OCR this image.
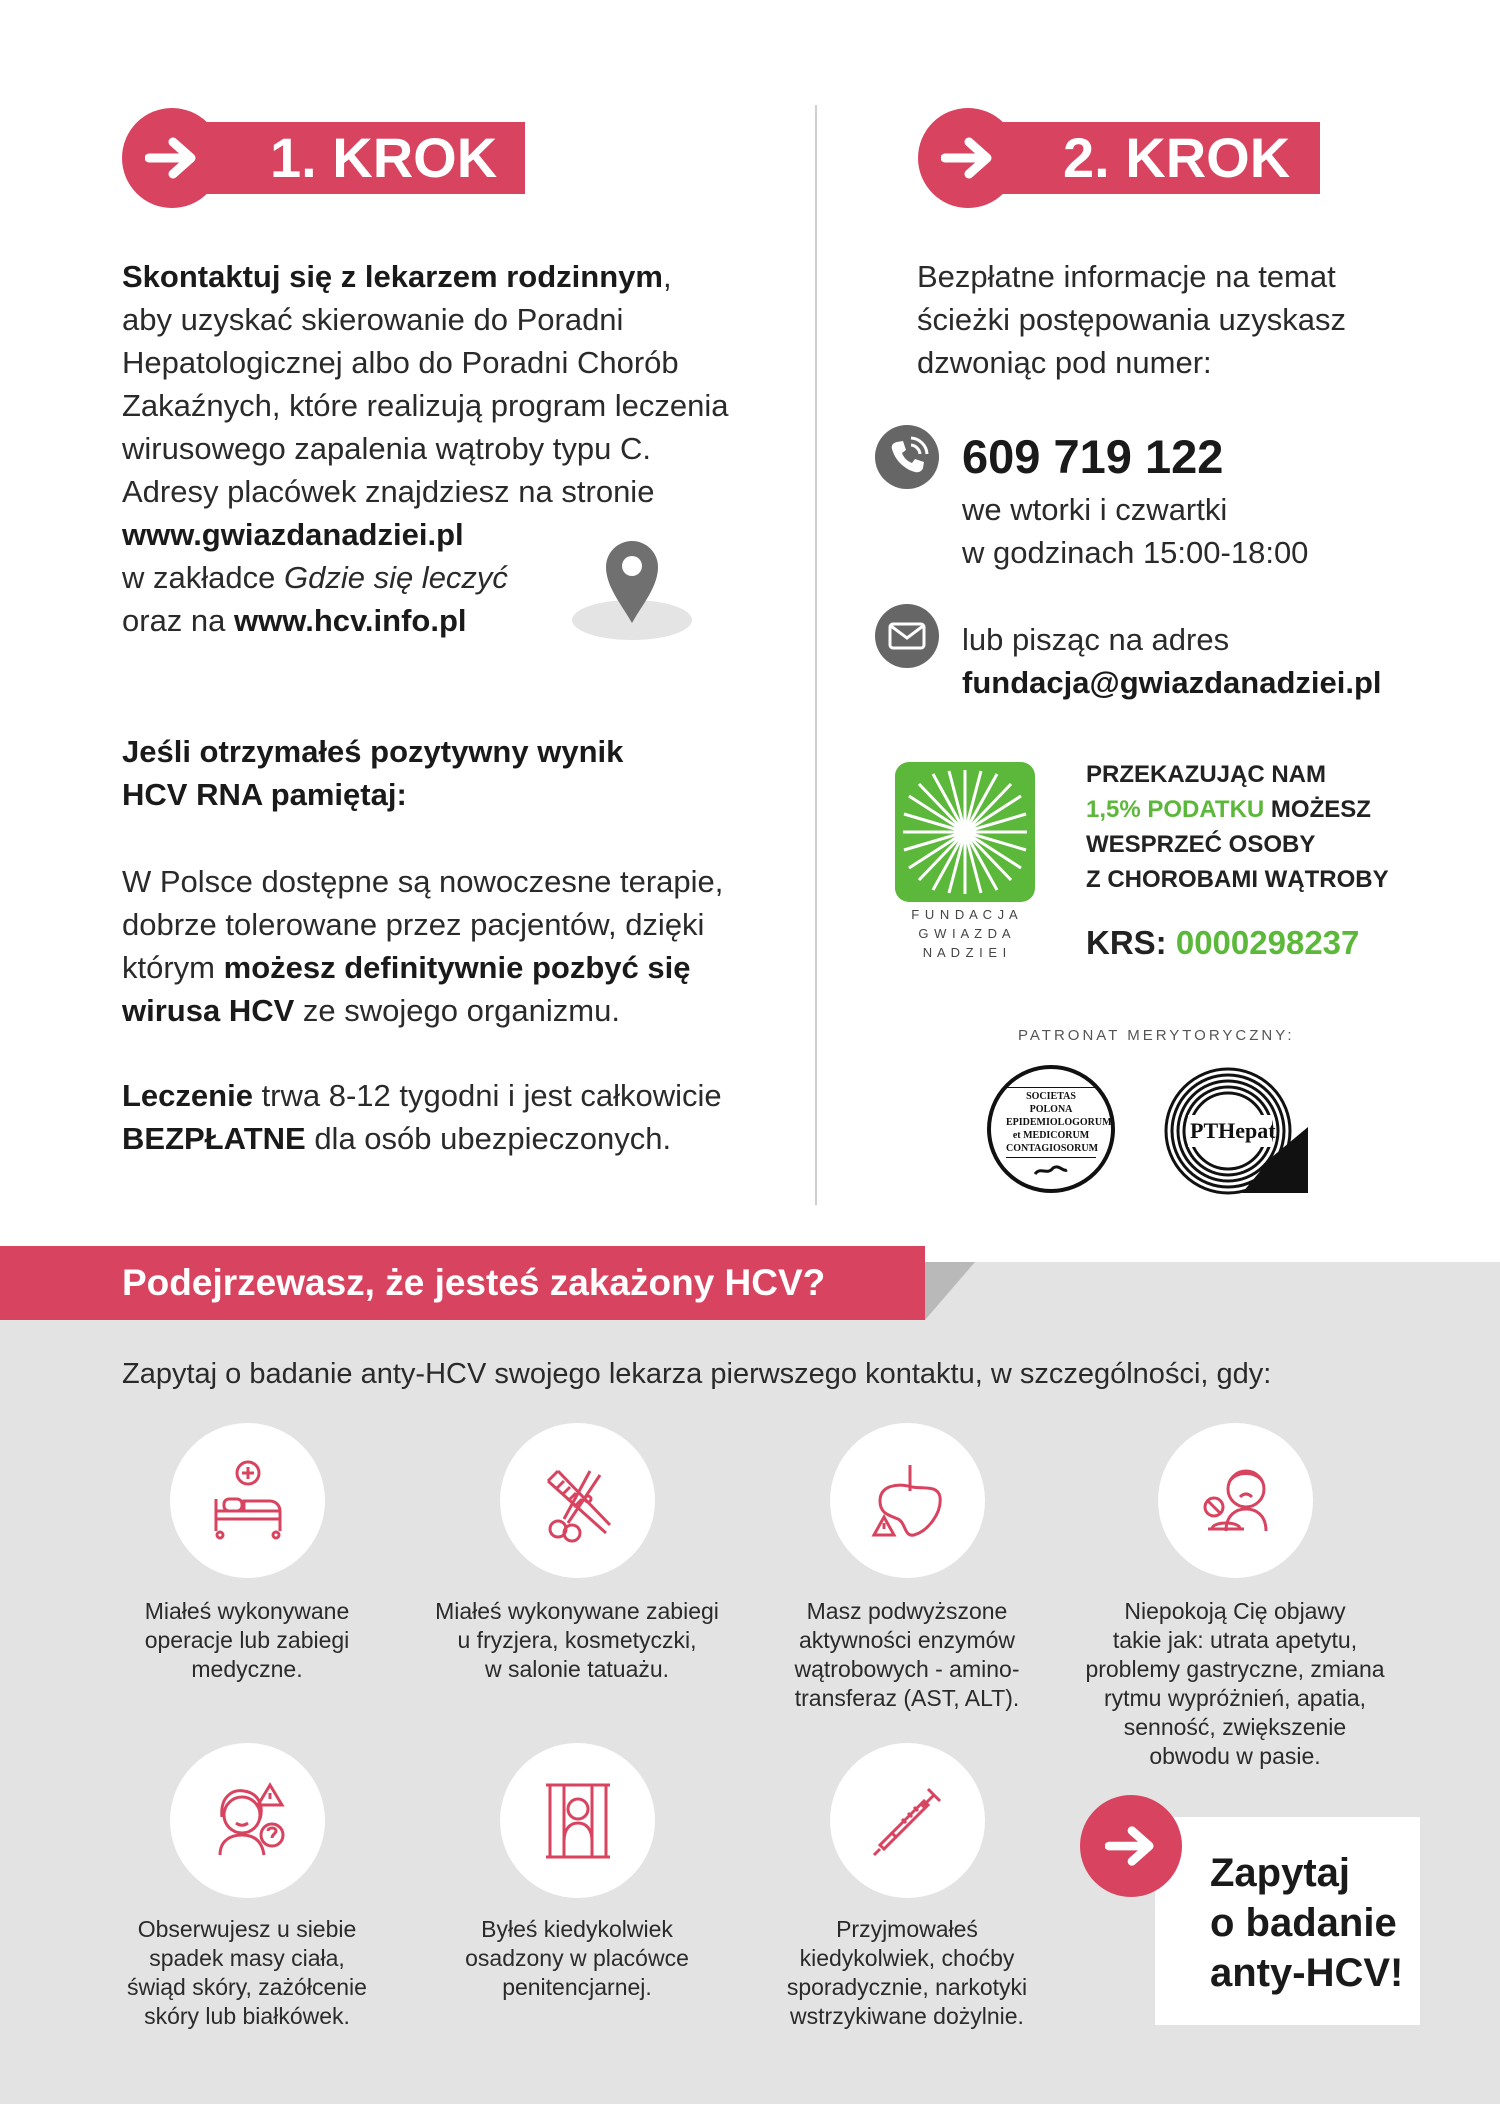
1. KROK	2. KROK
Skontaktuj się z lekarzem rodzinnym,
aby uzyskać skierowanie do Poradni
Hepatologicznej albo do Poradni Chorób
Zakaźnych, które realizują program leczenia
wirusowego zapalenia wątroby typu C.
Adresy placówek znajdziesz na stronie
www.gwiazdanadziei.pl
w zakładce Gdzie się leczyć
oraz na www.hcv.info.pl
Jeśli otrzymałeś pozytywny wynik
HCV RNA pamiętaj:
W Polsce dostępne są nowoczesne terapie,
dobrze tolerowane przez pacjentów, dzięki
którym możesz definitywnie pozbyć się
wirusa HCV ze swojego organizmu.
Leczenie trwa 8-12 tygodni i jest całkowicie
BEZPŁATNE dla osób ubezpieczonych.
Bezpłatne informacje na temat
ścieżki postępowania uzyskasz
dzwoniąc pod numer:
609 719 122
we wtorki i czwartki
w godzinach 15:00-18:00
lub pisząc na adres
fundacja@gwiazdanadziei.pl
F U N D A C J A
G W I A Z D A
N A D Z I E I
PRZEKAZUJĄC NAM
1,5% PODATKU MOŻESZ
WESPRZEĆ OSOBY
Z CHOROBAMI WĄTROBY
KRS: 0000298237
PATRONAT MERYTORYCZNY:
SOCIETAS
POLONA
EPIDEMIOLOGORUM
et MEDICORUM
CONTAGIOSORUM
PTHepat
Podejrzewasz, że jesteś zakażony HCV?
Zapytaj o badanie anty-HCV swojego lekarza pierwszego kontaktu, w szczególności, gdy:
Miałeś wykonywane
operacje lub zabiegi
medyczne.
Miałeś wykonywane zabiegi
u fryzjera, kosmetyczki,
w salonie tatuażu.
Masz podwyższone
aktywności enzymów
wątrobowych - amino-
transferaz (AST, ALT).
Niepokoją Cię objawy
takie jak: utrata apetytu,
problemy gastryczne, zmiana
rytmu wypróżnień, apatia,
senność, zwiększenie
obwodu w pasie.
Obserwujesz u siebie
spadek masy ciała,
świąd skóry, zażółcenie
skóry lub białkówek.
Byłeś kiedykolwiek
osadzony w placówce
penitencjarnej.
Przyjmowałeś
kiedykolwiek, choćby
sporadycznie, narkotyki
wstrzykiwane dożylnie.
Zapytaj
o badanie
anty-HCV!
